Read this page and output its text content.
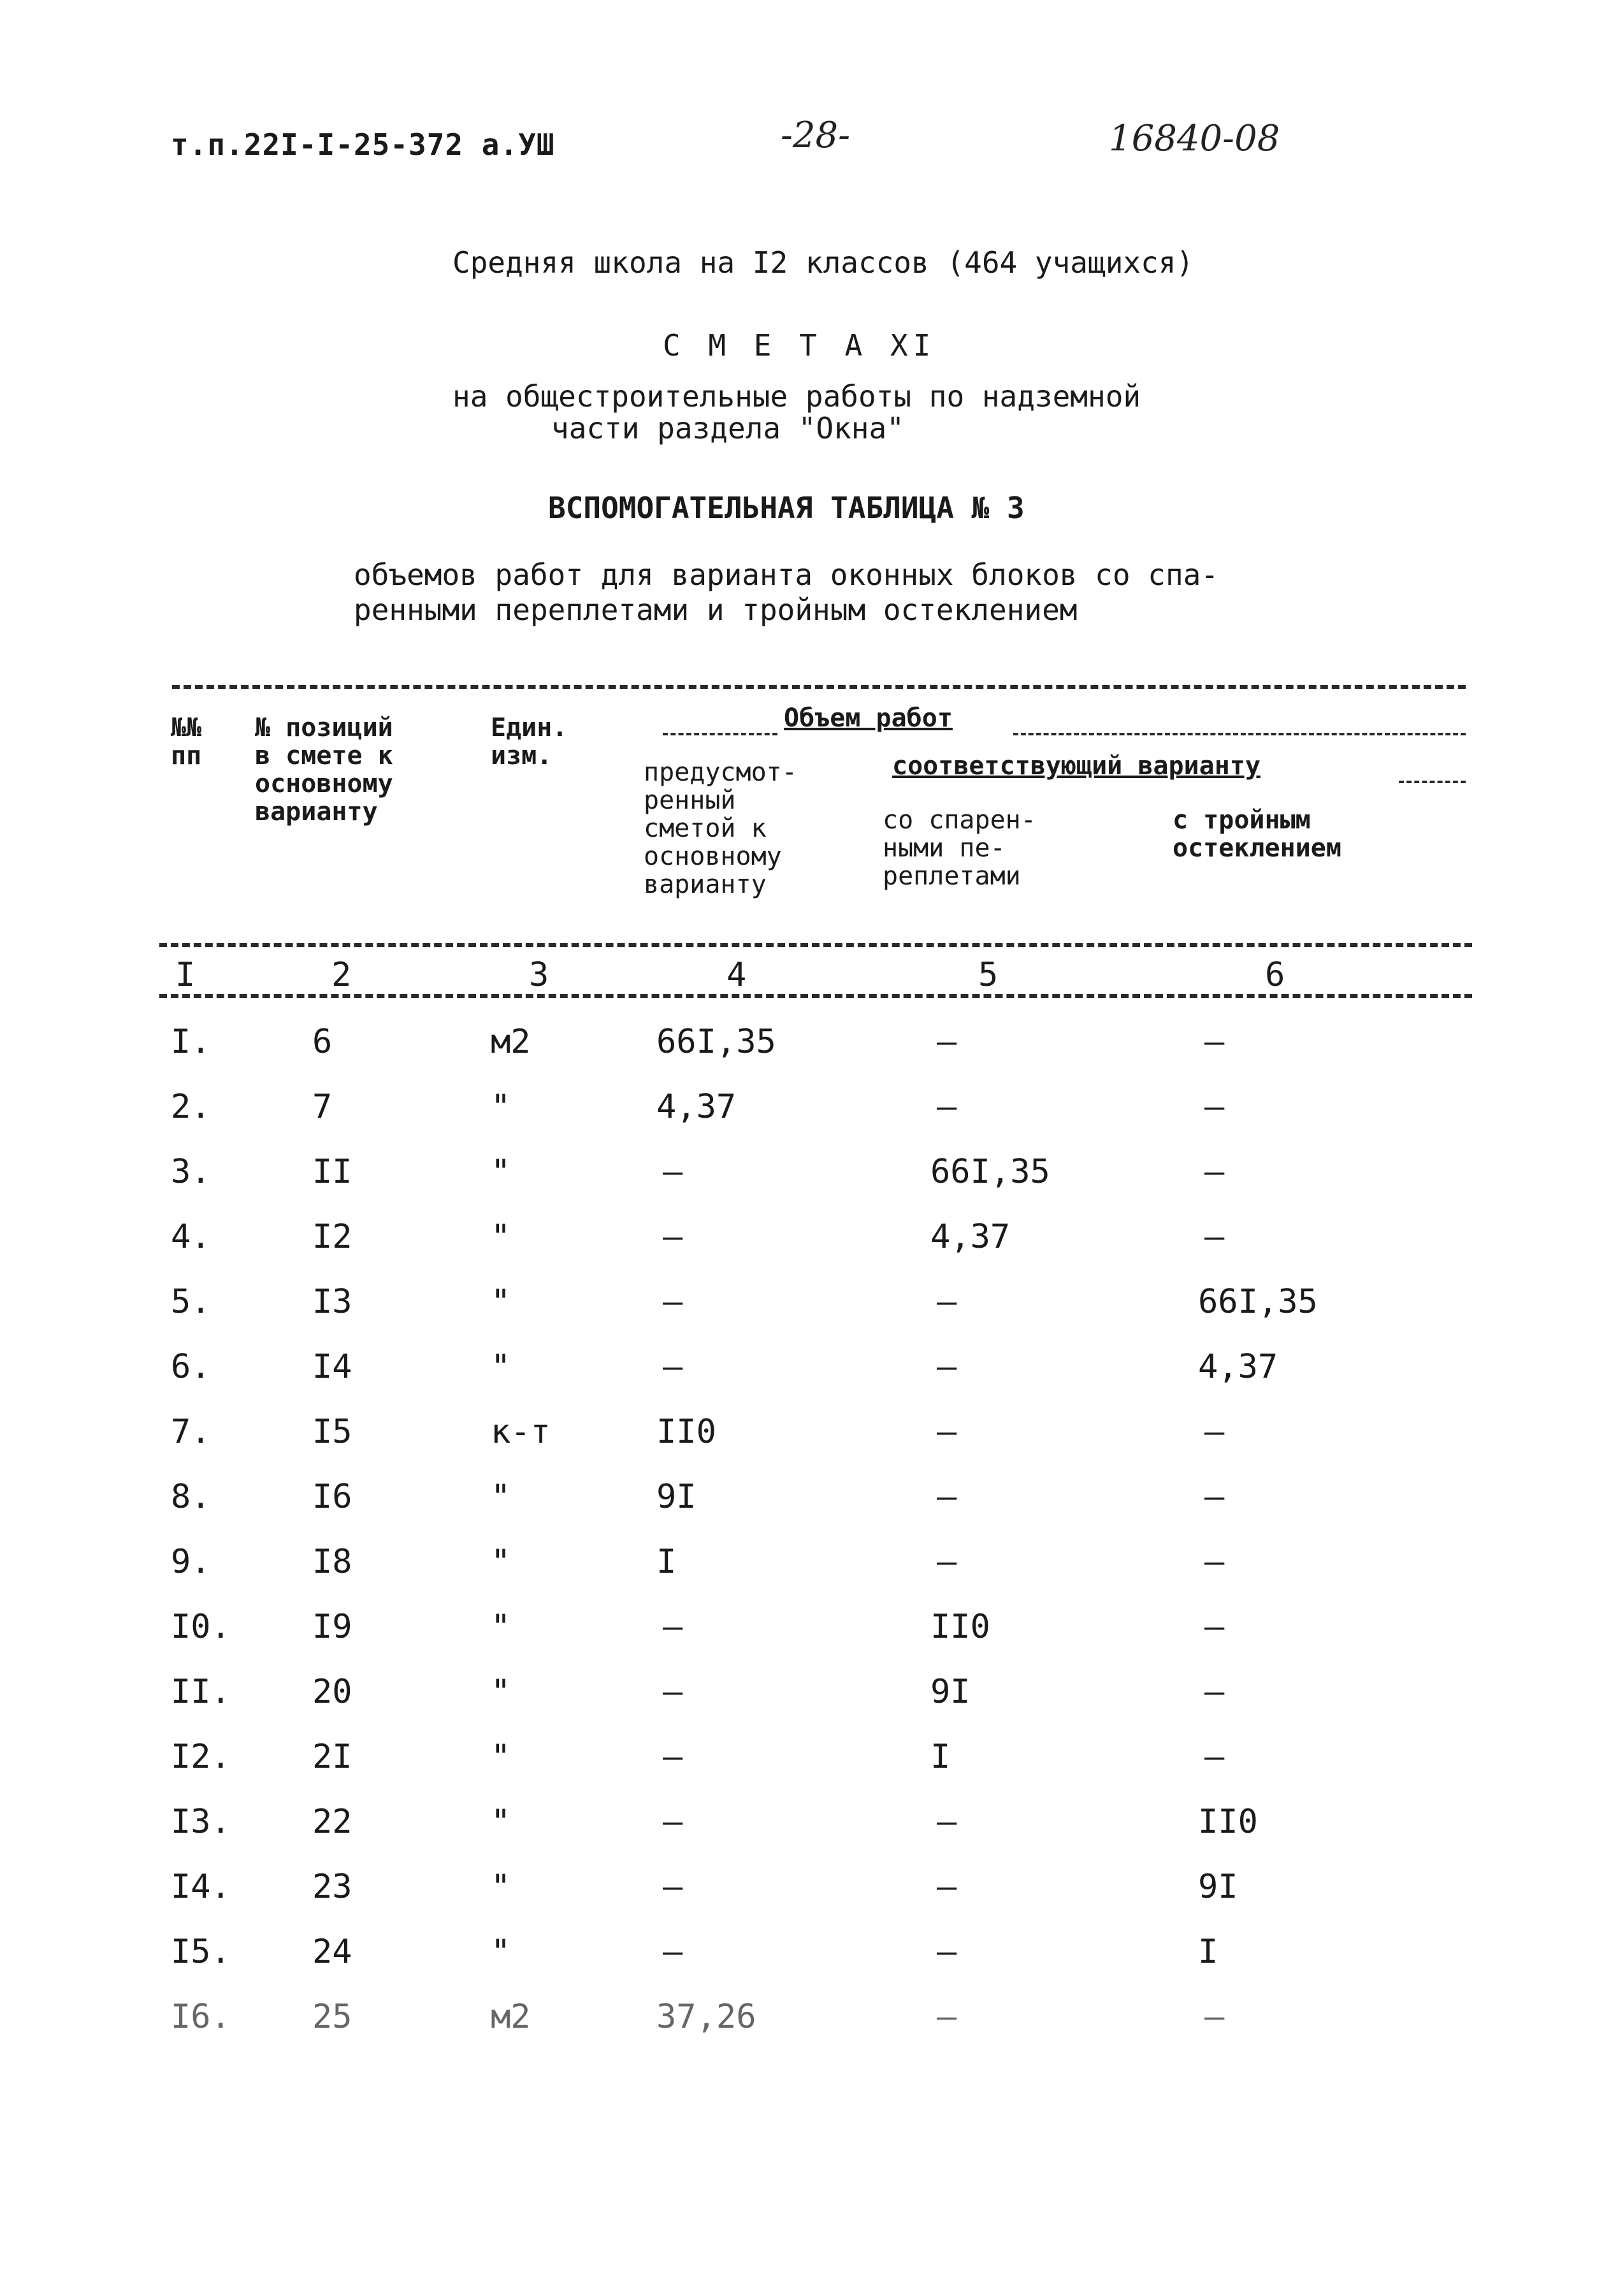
т.п.22I-I-25-372 а.УШ	-28-	16840-08
Средняя школа на I2 классов (464 учащихся)
С М Е Т А XI
на общестроительные работы по надземной
части раздела "Окна"
ВСПОМОГАТЕЛЬНАЯ ТАБЛИЦА № 3
объемов работ для варианта оконных блоков со спа-
ренными переплетами и тройным остеклением
№№
пп
№ позиций
в смете к
основному
варианту
Един.
изм.
Объем работ
предусмот-
ренный
сметой к
основному
варианту
соответствующий варианту
со спарен-
ными пе-
реплетами
с тройным
остеклением
I	2	3	4	5	6
I.	6	м2	66I,35	–	–
2.	7	"	4,37	–	–
3.	II	"	–	66I,35	–
4.	I2	"	–	4,37	–
5.	I3	"	–	–	66I,35
6.	I4	"	–	–	4,37
7.	I5	к-т	II0	–	–
8.	I6	"	9I	–	–
9.	I8	"	I	–	–
I0. I9	"	–	II0	–
II. 20	"	–	9I	–
I2. 2I	"	–	I	–
I3. 22	"	–	–	II0
I4. 23	"	–	–	9I
I5. 24	"	–	–	I
I6. 25	м2	37,26	–	–
